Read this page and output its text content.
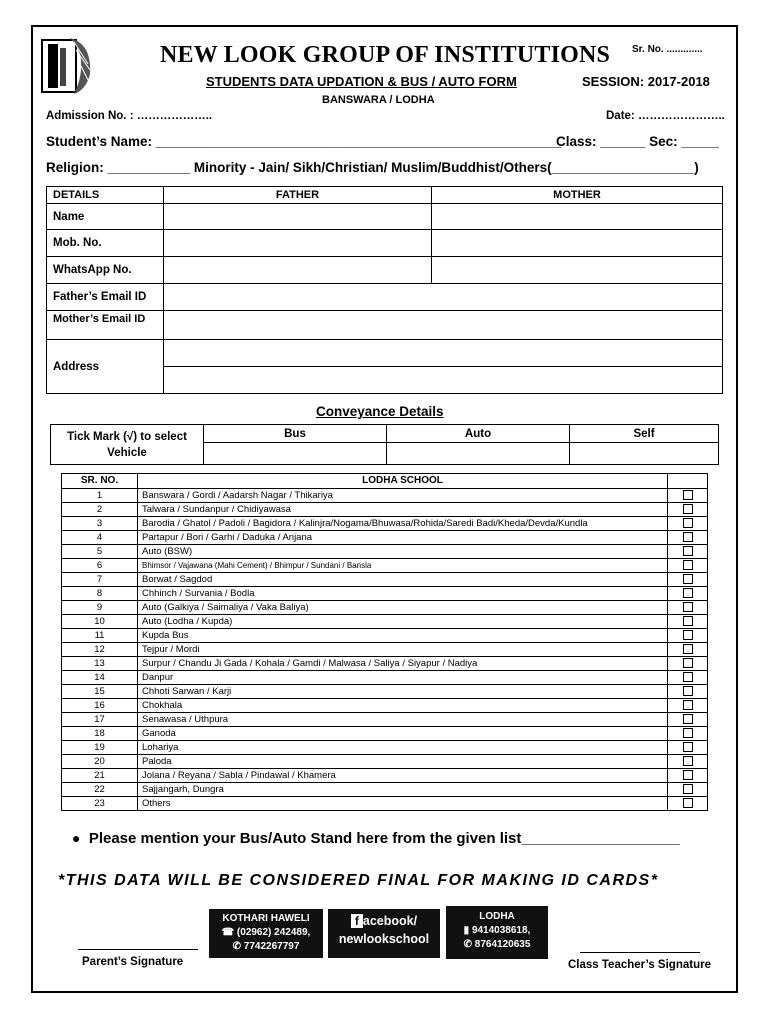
NEW LOOK GROUP OF INSTITUTIONS Sr. No. .............
STUDENTS DATA UPDATION & BUS / AUTO FORM	SESSION: 2017-2018
BANSWARA / LODHA
Admission No. : ………………..	Date: …………………..
Student’s Name: ______________________________________________________
Class: ______ Sec: _____
Religion: ___________ Minority - Jain/ Sikh/Christian/ Muslim/Buddhist/Others(___________________)
DETAILS	FATHER	MOTHER
Name		
Mob. No.		
WhatsApp No.		
Father’s Email ID		
Mother’s Email ID		
Address		

Conveyance Details
Tick Mark (√) to select
Vehicle	Bus	Auto	Self

SR. NO.	LODHA SCHOOL	
1	Banswara / Gordi / Aadarsh Nagar / Thikariya	
2	Talwara / Sundanpur / Chidiyawasa	
3	Barodia / Ghatol / Padoli / Bagidora / Kalinjra/Nogama/Bhuwasa/Rohida/Saredi Badi/Kheda/Devda/Kundla	
4	Partapur / Bori / Garhi / Daduka / Anjana	
5	Auto (BSW)	
6	Bhimsor / Vajawana (Mahi Cement) / Bhimpur / Sundani / Bansla	
7	Borwat / Sagdod	
8	Chhinch / Survania / Bodla	
9	Auto (Galkiya / Saimaliya / Vaka Baliya)	
10	Auto (Lodha / Kupda)	
11	Kupda Bus	
12	Tejpur / Mordi	
13	Surpur / Chandu Ji Gada / Kohala / Gamdi / Malwasa / Saliya / Siyapur / Nadiya	
14	Danpur	
15	Chhoti Sarwan / Karji	
16	Chokhala	
17	Senawasa / Uthpura	
18	Ganoda	
19	Lohariya	
20	Paloda	
21	Jolana / Reyana / Sabla / Pindawal / Khamera	
22	Sajjangarh, Dungra	
23	Others	
● Please mention your Bus/Auto Stand here from the given list___________________
*THIS DATA WILL BE CONSIDERED FINAL FOR MAKING ID CARDS*
KOTHARI HAWELI
☎ (02962) 242489,
✆ 7742267797
f acebook/
newlookschool
LODHA
▮ 9414038618,
✆ 8764120635
Parent’s Signature	Class Teacher’s Signature
